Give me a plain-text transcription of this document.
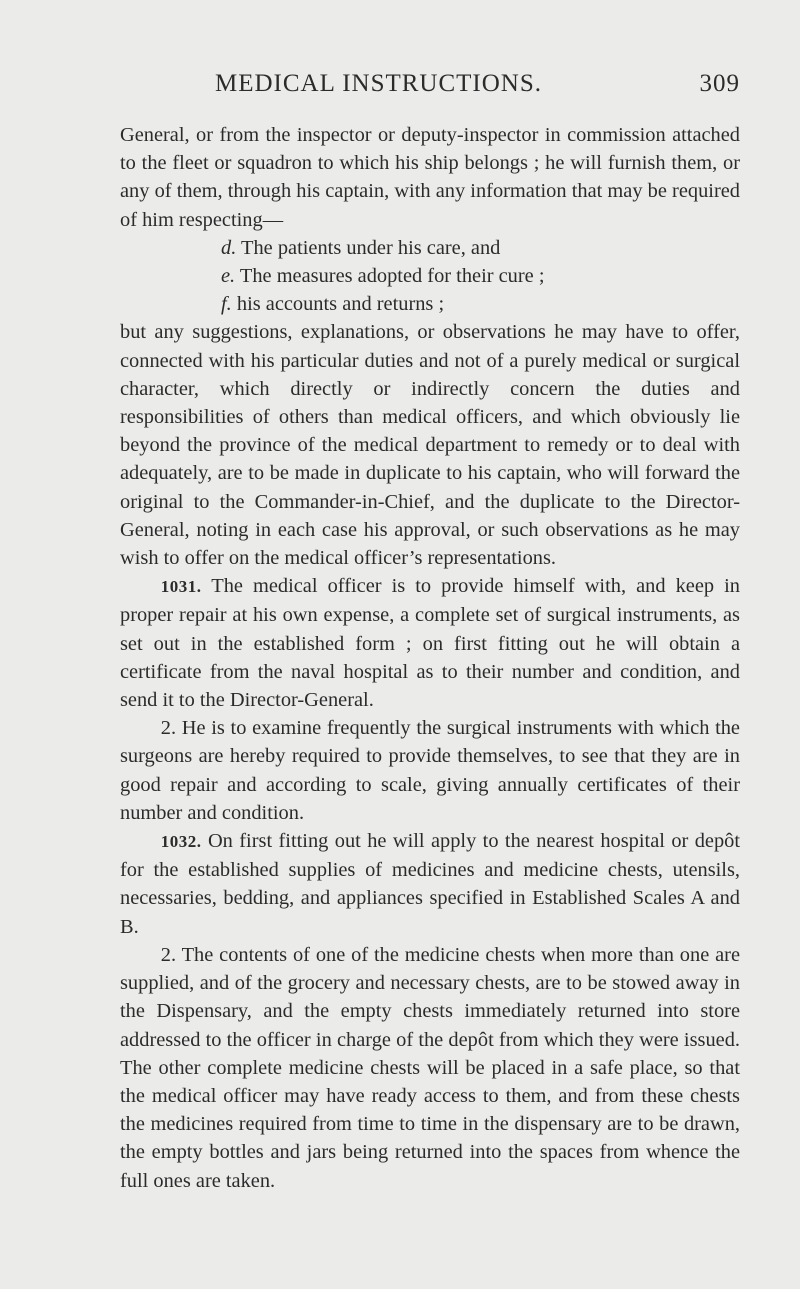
MEDICAL INSTRUCTIONS.	309

General, or from the inspector or deputy-inspector in commission attached to the fleet or squadron to which his ship belongs ; he will furnish them, or any of them, through his captain, with any information that may be required of him respecting—

d. The patients under his care, and
e. The measures adopted for their cure ;
f. his accounts and returns ;

but any suggestions, explanations, or observations he may have to offer, connected with his particular duties and not of a purely medical or surgical character, which directly or indirectly concern the duties and responsibilities of others than medical officers, and which obviously lie beyond the province of the medical department to remedy or to deal with adequately, are to be made in duplicate to his captain, who will forward the original to the Commander-in-Chief, and the duplicate to the Director-General, noting in each case his approval, or such observations as he may wish to offer on the medical officer’s representations.

1031. The medical officer is to provide himself with, and keep in proper repair at his own expense, a complete set of surgical instruments, as set out in the established form ; on first fitting out he will obtain a certificate from the naval hospital as to their number and condition, and send it to the Director-General.

2. He is to examine frequently the surgical instruments with which the surgeons are hereby required to provide themselves, to see that they are in good repair and according to scale, giving annually certificates of their number and condition.

1032. On first fitting out he will apply to the nearest hospital or depôt for the established supplies of medicines and medicine chests, utensils, necessaries, bedding, and appliances specified in Established Scales A and B.

2. The contents of one of the medicine chests when more than one are supplied, and of the grocery and necessary chests, are to be stowed away in the Dispensary, and the empty chests immediately returned into store addressed to the officer in charge of the depôt from which they were issued. The other complete medicine chests will be placed in a safe place, so that the medical officer may have ready access to them, and from these chests the medicines required from time to time in the dispensary are to be drawn, the empty bottles and jars being returned into the spaces from whence the full ones are taken.
